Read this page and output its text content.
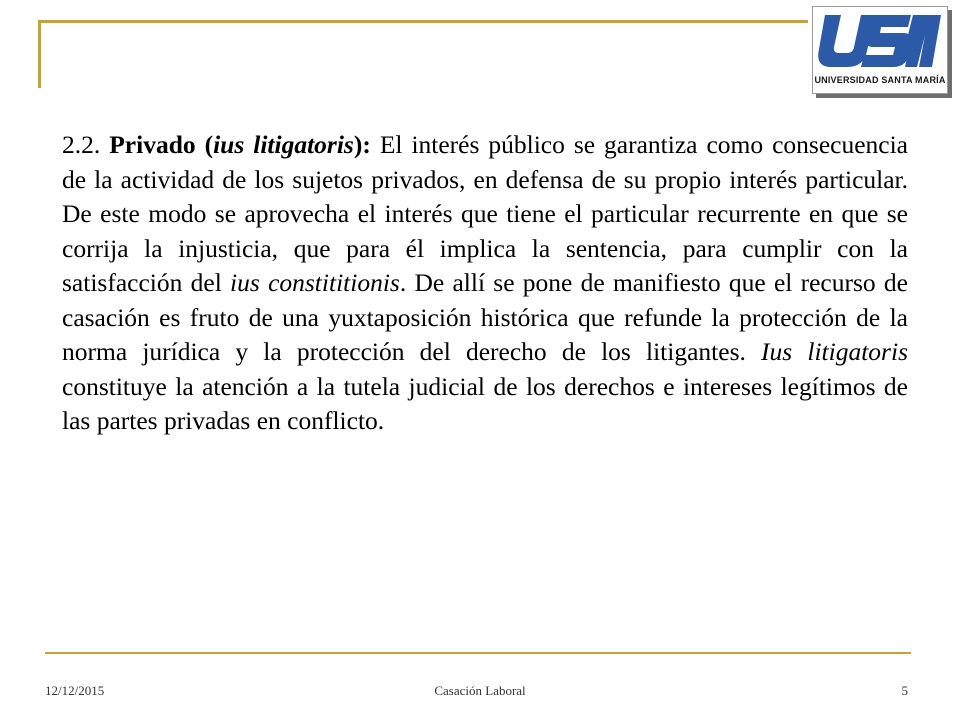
UNIVERSIDAD SANTA MARÍA
2.2. Privado (ius litigatoris): El interés público se garantiza como consecuencia de la actividad de los sujetos privados, en defensa de su propio interés particular. De este modo se aprovecha el interés que tiene el particular recurrente en que se corrija la injusticia, que para él implica la sentencia, para cumplir con la satisfacción del ius constititionis. De allí se pone de manifiesto que el recurso de casación es fruto de una yuxtaposición histórica que refunde la protección de la norma jurídica y la protección del derecho de los litigantes. Ius litigatoris constituye la atención a la tutela judicial de los derechos e intereses legítimos de las partes privadas en conflicto.
12/12/2015	Casación Laboral	5
